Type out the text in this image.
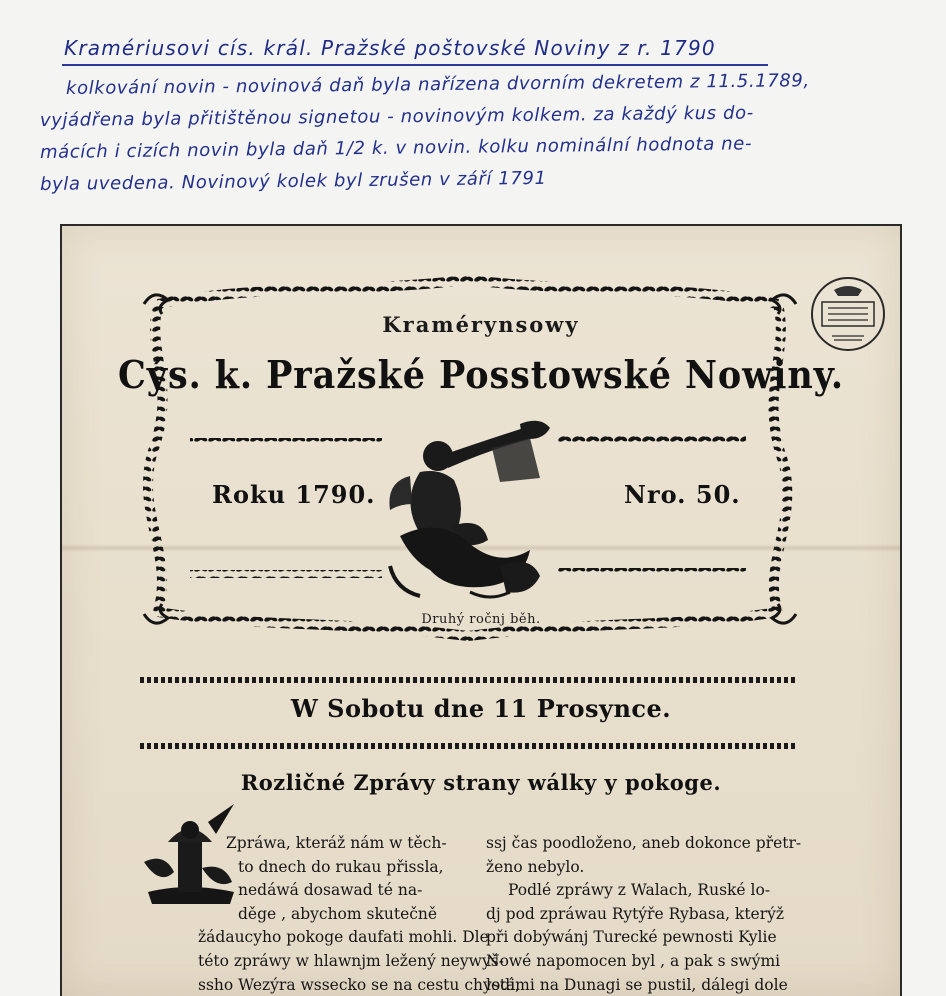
Kramériusovi cís. král. Pražské poštovské Noviny z r. 1790
kolkování novin - novinová daň byla nařízena dvorním dekretem z 11.5.1789,
vyjádřena byla přitištěnou signetou - novinovým kolkem. za každý kus do-
mácích i cizích novin byla daň 1/2 k. v novin. kolku nominální hodnota ne-
byla uvedena. Novinový kolek byl zrušen v září 1791
Kramérynsowy
Cýs. k. Pražské Posstowské Nowiny.
Roku 1790.	Nro. 50.
Druhý ročnj běh.
W Sobotu dne 11 Prosynce.
Rozličné Zprávy strany wálky y pokoge.
Zpráwa, kteráž nám w těch-
to dnech do rukau přissla,
nedáwá dosawad té na-
děge , abychom skutečně
žádaucyho pokoge daufati mohli. Dle
této zpráwy w hlawnjm ležený neywyš-
ssho Wezýra wssecko se na cestu chystá,
ssj čas poodloženo, aneb dokonce přetr-
ženo nebylo.
Podlé zpráwy z Walach, Ruské lo-
dj pod zpráwau Rytýře Rybasa, kterýž
při dobýwánj Turecké pewnosti Kylie
Nowé napomocen byl , a pak s swými
lodimi na Dunagi se pustil, dálegi dole
